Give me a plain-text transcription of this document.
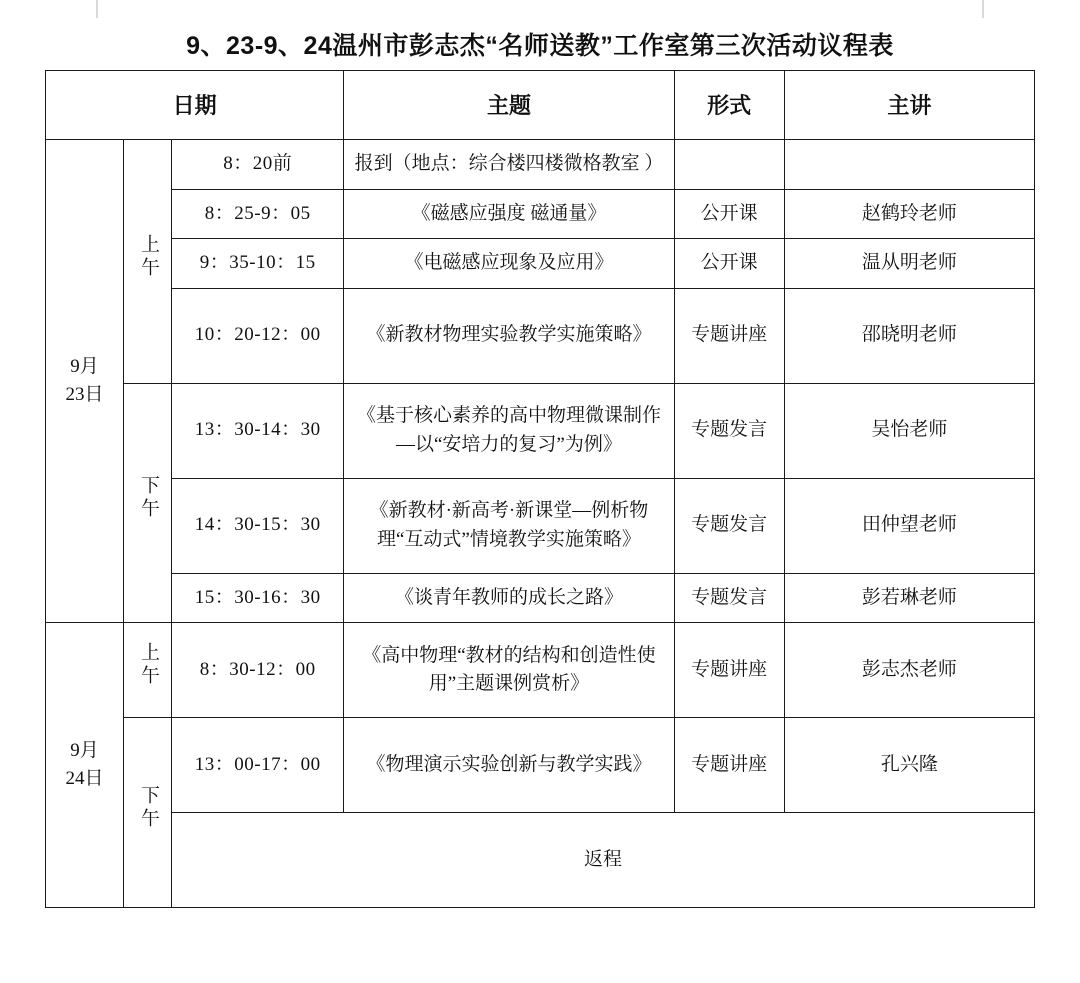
9、23-9、24温州市彭志杰“名师送教”工作室第三次活动议程表
日期			主题	形式	主讲
9月
23日	上午	8：20前	报到（地点：综合楼四楼微格教室 ）		
		8：25-9：05	《磁感应强度 磁通量》	公开课	赵鹤玲老师
		9：35-10：15	《电磁感应现象及应用》	公开课	温从明老师
		10：20-12：00	《新教材物理实验教学实施策略》	专题讲座	邵晓明老师
	下午	13：30-14：30	《基于核心素养的高中物理微课制作—以“安培力的复习”为例》	专题发言	吴怡老师
		14：30-15：30	《新教材·新高考·新课堂—例析物理“互动式”情境教学实施策略》	专题发言	田仲望老师
		15：30-16：30	《谈青年教师的成长之路》	专题发言	彭若琳老师
9月
24日	上午	8：30-12：00	《高中物理“教材的结构和创造性使用”主题课例赏析》	专题讲座	彭志杰老师
	下午	13：00-17：00	《物理演示实验创新与教学实践》	专题讲座	孔兴隆
		返程			
